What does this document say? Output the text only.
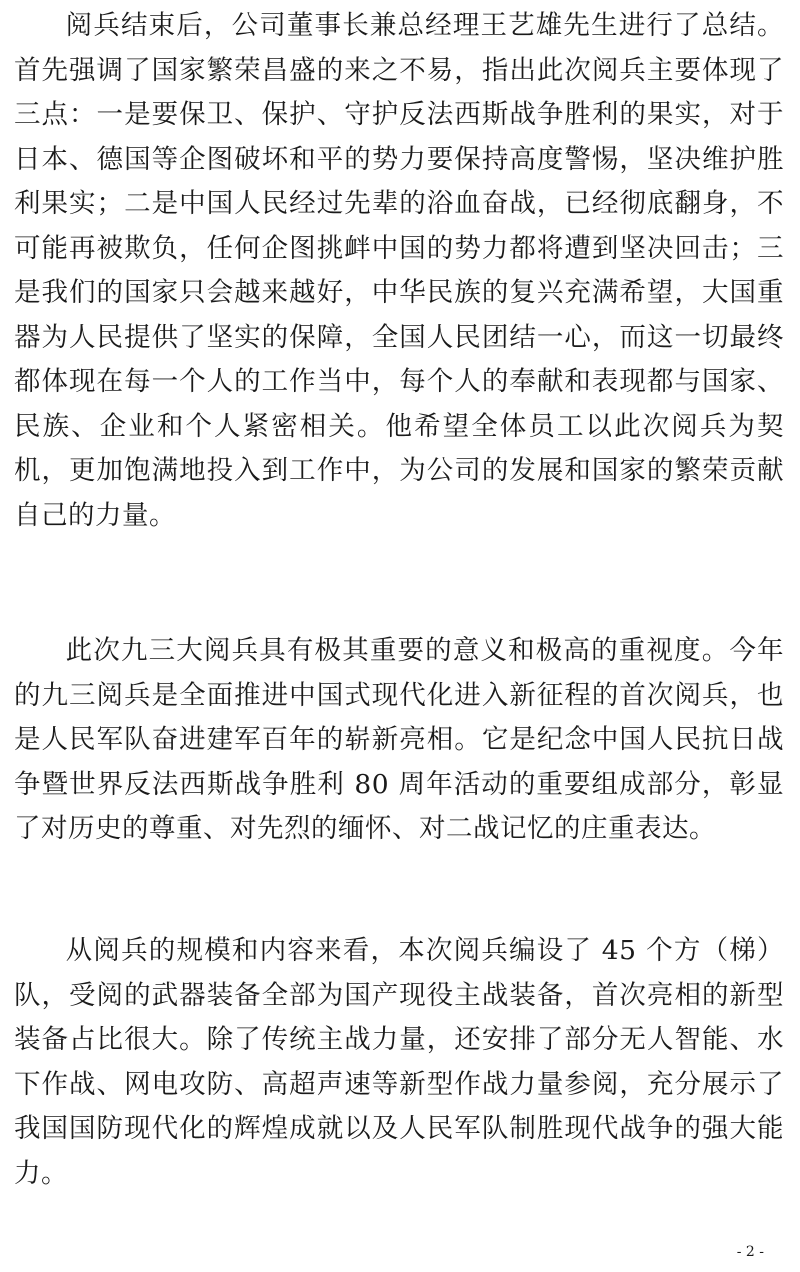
阅兵结束后，公司董事长兼总经理王艺雄先生进行了总结。首先强调了国家繁荣昌盛的来之不易，指出此次阅兵主要体现了三点：一是要保卫、保护、守护反法西斯战争胜利的果实，对于日本、德国等企图破坏和平的势力要保持高度警惕，坚决维护胜利果实；二是中国人民经过先辈的浴血奋战，已经彻底翻身，不可能再被欺负，任何企图挑衅中国的势力都将遭到坚决回击；三是我们的国家只会越来越好，中华民族的复兴充满希望，大国重器为人民提供了坚实的保障，全国人民团结一心，而这一切最终都体现在每一个人的工作当中，每个人的奉献和表现都与国家、民族、企业和个人紧密相关。他希望全体员工以此次阅兵为契机，更加饱满地投入到工作中，为公司的发展和国家的繁荣贡献自己的力量。

此次九三大阅兵具有极其重要的意义和极高的重视度。今年的九三阅兵是全面推进中国式现代化进入新征程的首次阅兵，也是人民军队奋进建军百年的崭新亮相。它是纪念中国人民抗日战争暨世界反法西斯战争胜利 80 周年活动的重要组成部分，彰显了对历史的尊重、对先烈的缅怀、对二战记忆的庄重表达。

从阅兵的规模和内容来看，本次阅兵编设了 45 个方（梯）队，受阅的武器装备全部为国产现役主战装备，首次亮相的新型装备占比很大。除了传统主战力量，还安排了部分无人智能、水下作战、网电攻防、高超声速等新型作战力量参阅，充分展示了我国国防现代化的辉煌成就以及人民军队制胜现代战争的强大能力。

- 2 -
